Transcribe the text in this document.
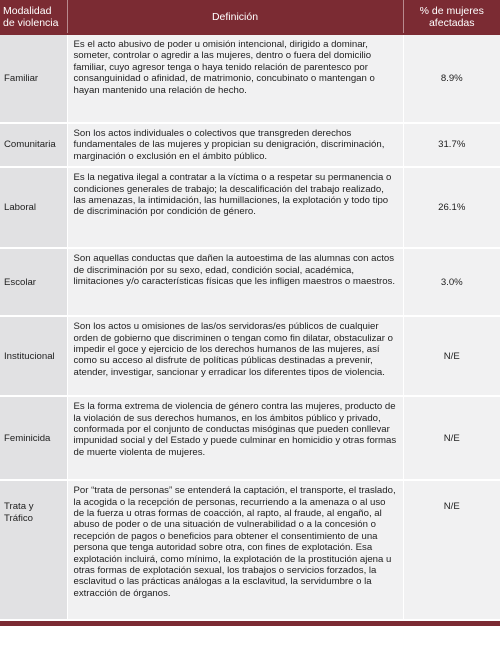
Modalidad de violencia	Definición	% de mujeres afectadas
Familiar	Es el acto abusivo de poder u omisión intencional, dirigido a dominar, someter, controlar o agredir a las mujeres, dentro o fuera del domicilio familiar, cuyo agresor tenga o haya tenido relación de parentesco por consanguinidad o afinidad, de matrimonio, concubinato o mantengan o hayan mantenido una relación de hecho.	8.9%
Comunitaria	Son los actos individuales o colectivos que transgreden derechos fundamentales de las mujeres y propician su denigración, discriminación, marginación o exclusión en el ámbito público.	31.7%
Laboral	Es la negativa ilegal a contratar a la víctima o a respetar su permanencia o condiciones generales de trabajo; la descalificación del trabajo realizado, las amenazas, la intimidación, las humillaciones, la explotación y todo tipo de discriminación por condición de género.	26.1%
Escolar	Son aquellas conductas que dañen la autoestima de las alumnas con actos de discriminación por su sexo, edad, condición social, académica, limitaciones y/o características físicas que les infligen maestros o maestros.	3.0%
Institucional	Son los actos u omisiones de las/os servidoras/es públicos de cualquier orden de gobierno que discriminen o tengan como fin dilatar, obstaculizar o impedir el goce y ejercicio de los derechos humanos de las mujeres, así como su acceso al disfrute de políticas públicas destinadas a prevenir, atender, investigar, sancionar y erradicar los diferentes tipos de violencia.	N/E
Feminicida	Es la forma extrema de violencia de género contra las mujeres, producto de la violación de sus derechos humanos, en los ámbitos público y privado, conformada por el conjunto de conductas misóginas que pueden conllevar impunidad social y del Estado y puede culminar en homicidio y otras formas de muerte violenta de mujeres.	N/E
Trata y Tráfico	Por “trata de personas” se entenderá la captación, el transporte, el traslado, la acogida o la recepción de personas, recurriendo a la amenaza o al uso de la fuerza u otras formas de coacción, al rapto, al fraude, al engaño, al abuso de poder o de una situación de vulnerabilidad o a la concesión o recepción de pagos o beneficios para obtener el consentimiento de una persona que tenga autoridad sobre otra, con fines de explotación. Esa explotación incluirá, como mínimo, la explotación de la prostitución ajena u otras formas de explotación sexual, los trabajos o servicios forzados, la esclavitud o las prácticas análogas a la esclavitud, la servidumbre o la extracción de órganos.	N/E
